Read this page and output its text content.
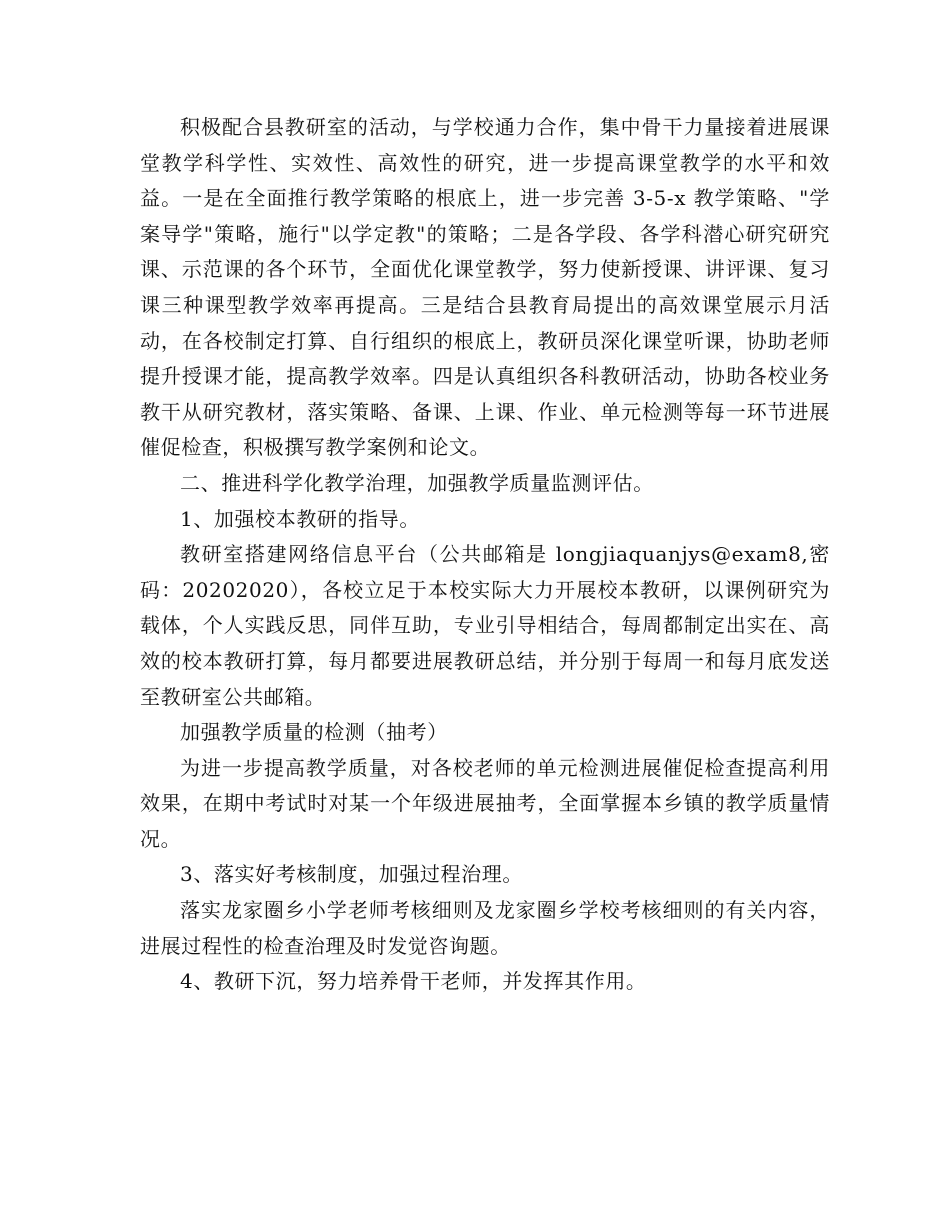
积极配合县教研室的活动，与学校通力合作，集中骨干力量接着进展课堂教学科学性、实效性、高效性的研究，进一步提高课堂教学的水平和效益。一是在全面推行教学策略的根底上，进一步完善 3-5-x 教学策略、"学案导学"策略，施行"以学定教"的策略；二是各学段、各学科潜心研究研究课、示范课的各个环节，全面优化课堂教学，努力使新授课、讲评课、复习课三种课型教学效率再提高。三是结合县教育局提出的高效课堂展示月活动，在各校制定打算、自行组织的根底上，教研员深化课堂听课，协助老师提升授课才能，提高教学效率。四是认真组织各科教研活动，协助各校业务教干从研究教材，落实策略、备课、上课、作业、单元检测等每一环节进展催促检查，积极撰写教学案例和论文。

二、推进科学化教学治理，加强教学质量监测评估。

1、加强校本教研的指导。

教研室搭建网络信息平台（公共邮箱是 longjiaquanjys@exam8,密码：20202020），各校立足于本校实际大力开展校本教研，以课例研究为载体，个人实践反思，同伴互助，专业引导相结合，每周都制定出实在、高效的校本教研打算，每月都要进展教研总结，并分别于每周一和每月底发送至教研室公共邮箱。

加强教学质量的检测（抽考）

为进一步提高教学质量，对各校老师的单元检测进展催促检查提高利用效果，在期中考试时对某一个年级进展抽考，全面掌握本乡镇的教学质量情况。

3、落实好考核制度，加强过程治理。

落实龙家圈乡小学老师考核细则及龙家圈乡学校考核细则的有关内容，进展过程性的检查治理及时发觉咨询题。

4、教研下沉，努力培养骨干老师，并发挥其作用。
